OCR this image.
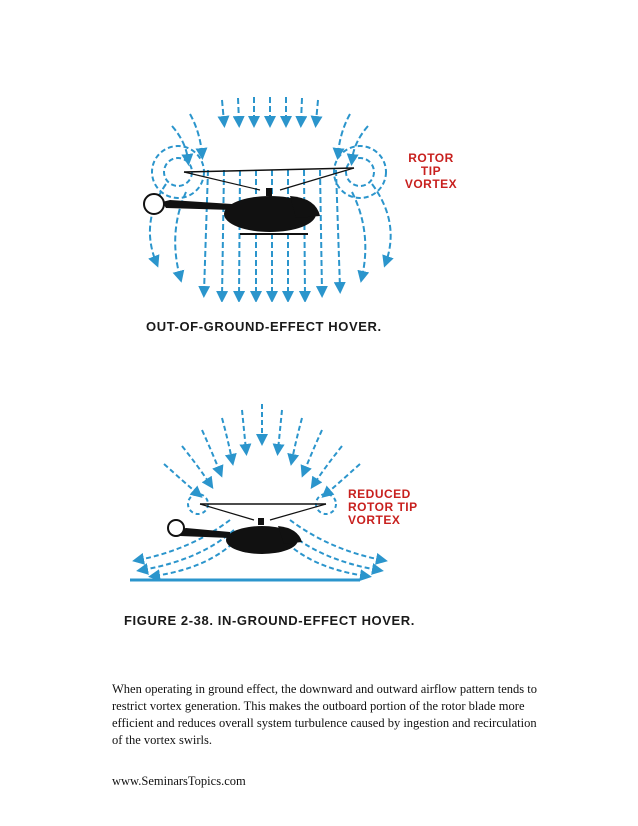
ROTOR
TIP
VORTEX
OUT-OF-GROUND-EFFECT HOVER.
REDUCED
ROTOR TIP
VORTEX
FIGURE 2-38. IN-GROUND-EFFECT HOVER.

When operating in ground effect, the downward and outward airflow pattern tends to restrict vortex generation. This makes the outboard portion of the rotor blade more efficient and reduces overall system turbulence caused by ingestion and recirculation of the vortex swirls.

www.SeminarsTopics.com
